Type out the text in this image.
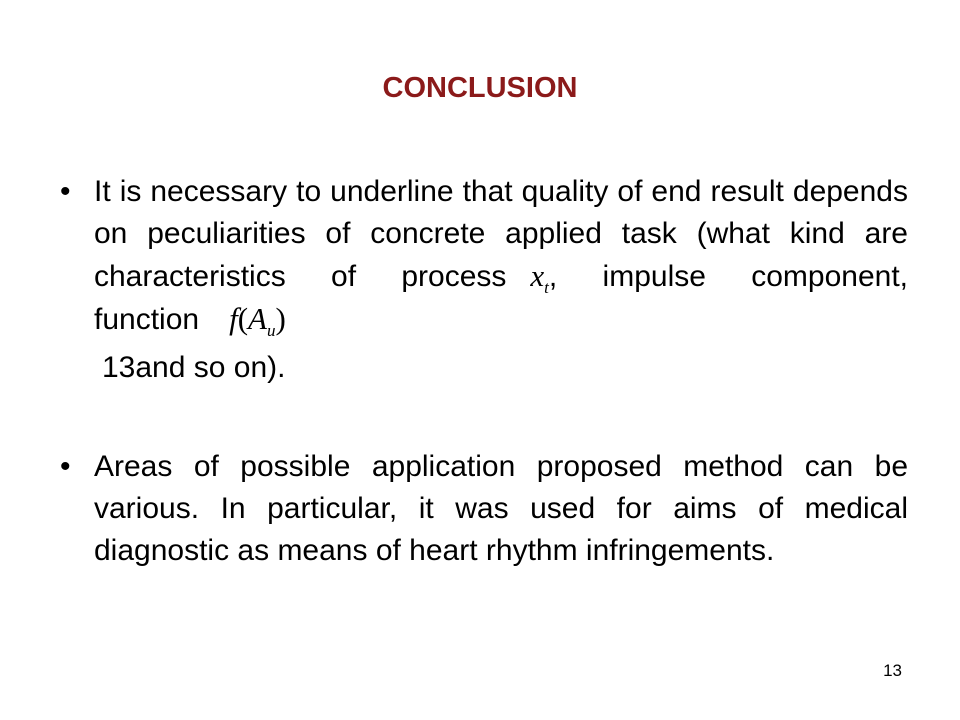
CONCLUSION
• It is necessary to underline that quality of end result depends on peculiarities of concrete applied task (what kind are characteristics of process $x_t$, impulse component, function $f(A_u)$
13and so on).
• Areas of possible application proposed method can be various. In particular, it was used for aims of medical diagnostic as means of heart rhythm infringements.
13
